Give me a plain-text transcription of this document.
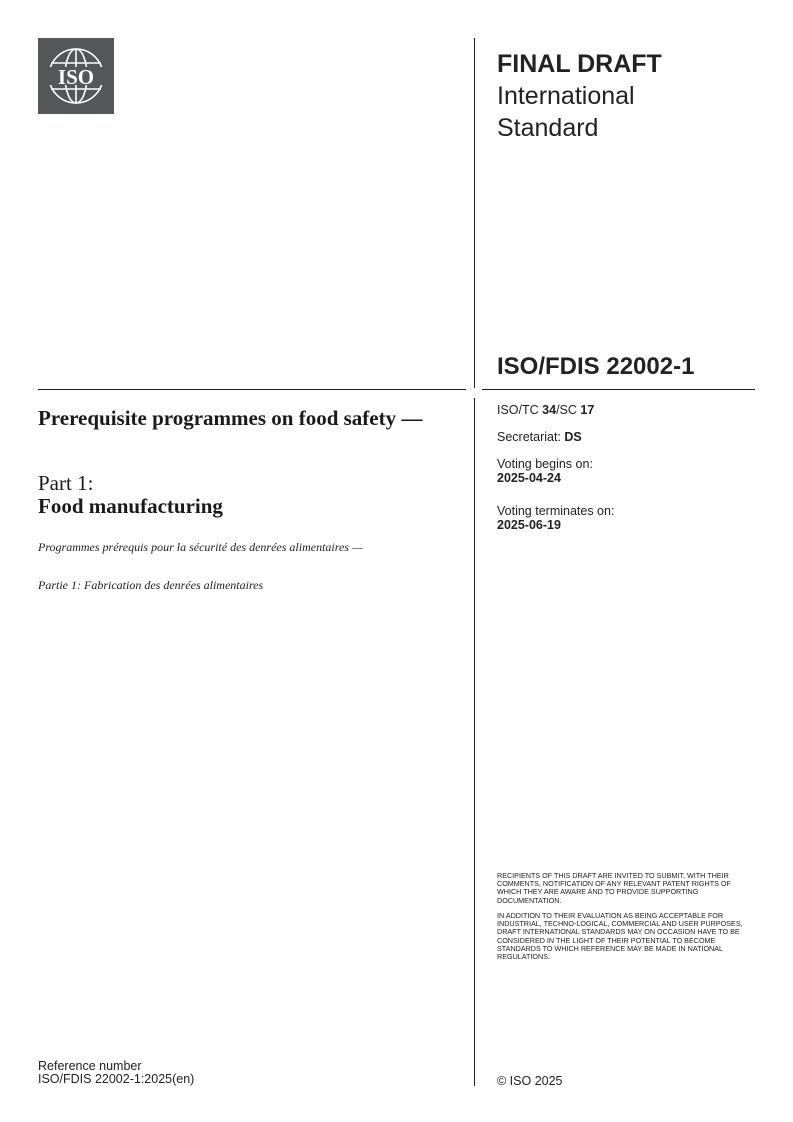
ISO	FINAL DRAFT
International
Standard
ISO/FDIS 22002-1
ISO/TC 34/SC 17
Secretariat: DS
Voting begins on:
2025-04-24
Voting terminates on:
2025-06-19
Prerequisite programmes on food safety —
Part 1:
Food manufacturing
Programmes prérequis pour la sécurité des denrées alimentaires —
Partie 1: Fabrication des denrées alimentaires
RECIPIENTS OF THIS DRAFT ARE INVITED TO SUBMIT, WITH THEIR COMMENTS, NOTIFICATION OF ANY RELEVANT PATENT RIGHTS OF WHICH THEY ARE AWARE AND TO PROVIDE SUPPORTING DOCUMENTATION.
IN ADDITION TO THEIR EVALUATION AS BEING ACCEPTABLE FOR INDUSTRIAL, TECHNO-LOGICAL, COMMERCIAL AND USER PURPOSES, DRAFT INTERNATIONAL STANDARDS MAY ON OCCASION HAVE TO BE CONSIDERED IN THE LIGHT OF THEIR POTENTIAL TO BECOME STANDARDS TO WHICH REFERENCE MAY BE MADE IN NATIONAL REGULATIONS.
Reference number
ISO/FDIS 22002-1:2025(en)	© ISO 2025
